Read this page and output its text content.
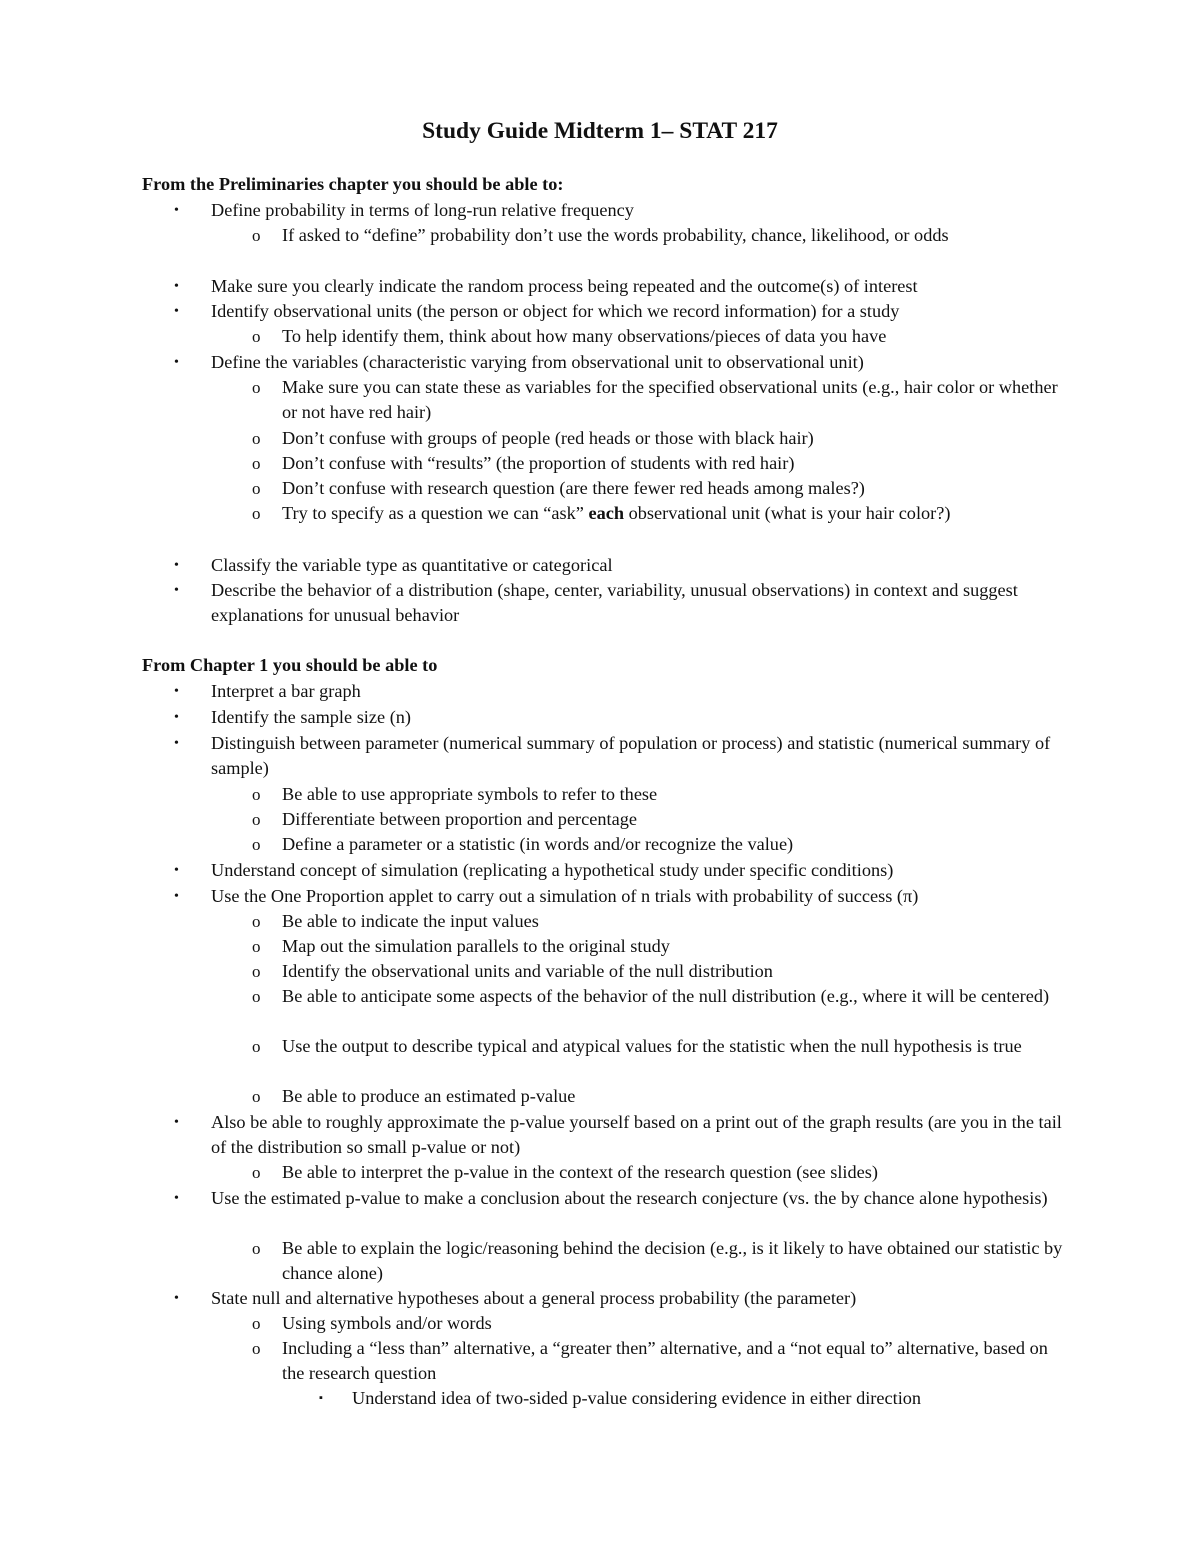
Study Guide Midterm 1– STAT 217
From the Preliminaries chapter you should be able to:
• Define probability in terms of long-run relative frequency
o If asked to “define” probability don’t use the words probability, chance, likelihood, or odds
• Make sure you clearly indicate the random process being repeated and the outcome(s) of interest
• Identify observational units (the person or object for which we record information) for a study
o To help identify them, think about how many observations/pieces of data you have
• Define the variables (characteristic varying from observational unit to observational unit)
o Make sure you can state these as variables for the specified observational units (e.g., hair color or whether or not have red hair)
o Don’t confuse with groups of people (red heads or those with black hair)
o Don’t confuse with “results” (the proportion of students with red hair)
o Don’t confuse with research question (are there fewer red heads among males?)
o Try to specify as a question we can “ask” each observational unit (what is your hair color?)
• Classify the variable type as quantitative or categorical
• Describe the behavior of a distribution (shape, center, variability, unusual observations) in context and suggest explanations for unusual behavior
From Chapter 1 you should be able to
• Interpret a bar graph
• Identify the sample size (n)
• Distinguish between parameter (numerical summary of population or process) and statistic (numerical summary of sample)
o Be able to use appropriate symbols to refer to these
o Differentiate between proportion and percentage
o Define a parameter or a statistic (in words and/or recognize the value)
• Understand concept of simulation (replicating a hypothetical study under specific conditions)
• Use the One Proportion applet to carry out a simulation of n trials with probability of success (π)
o Be able to indicate the input values
o Map out the simulation parallels to the original study
o Identify the observational units and variable of the null distribution
o Be able to anticipate some aspects of the behavior of the null distribution (e.g., where it will be centered)
o Use the output to describe typical and atypical values for the statistic when the null hypothesis is true
o Be able to produce an estimated p-value
• Also be able to roughly approximate the p-value yourself based on a print out of the graph results (are you in the tail of the distribution so small p-value or not)
o Be able to interpret the p-value in the context of the research question (see slides)
• Use the estimated p-value to make a conclusion about the research conjecture (vs. the by chance alone hypothesis)
o Be able to explain the logic/reasoning behind the decision (e.g., is it likely to have obtained our statistic by chance alone)
• State null and alternative hypotheses about a general process probability (the parameter)
o Using symbols and/or words
o Including a “less than” alternative, a “greater then” alternative, and a “not equal to” alternative, based on the research question
▪ Understand idea of two-sided p-value considering evidence in either direction
